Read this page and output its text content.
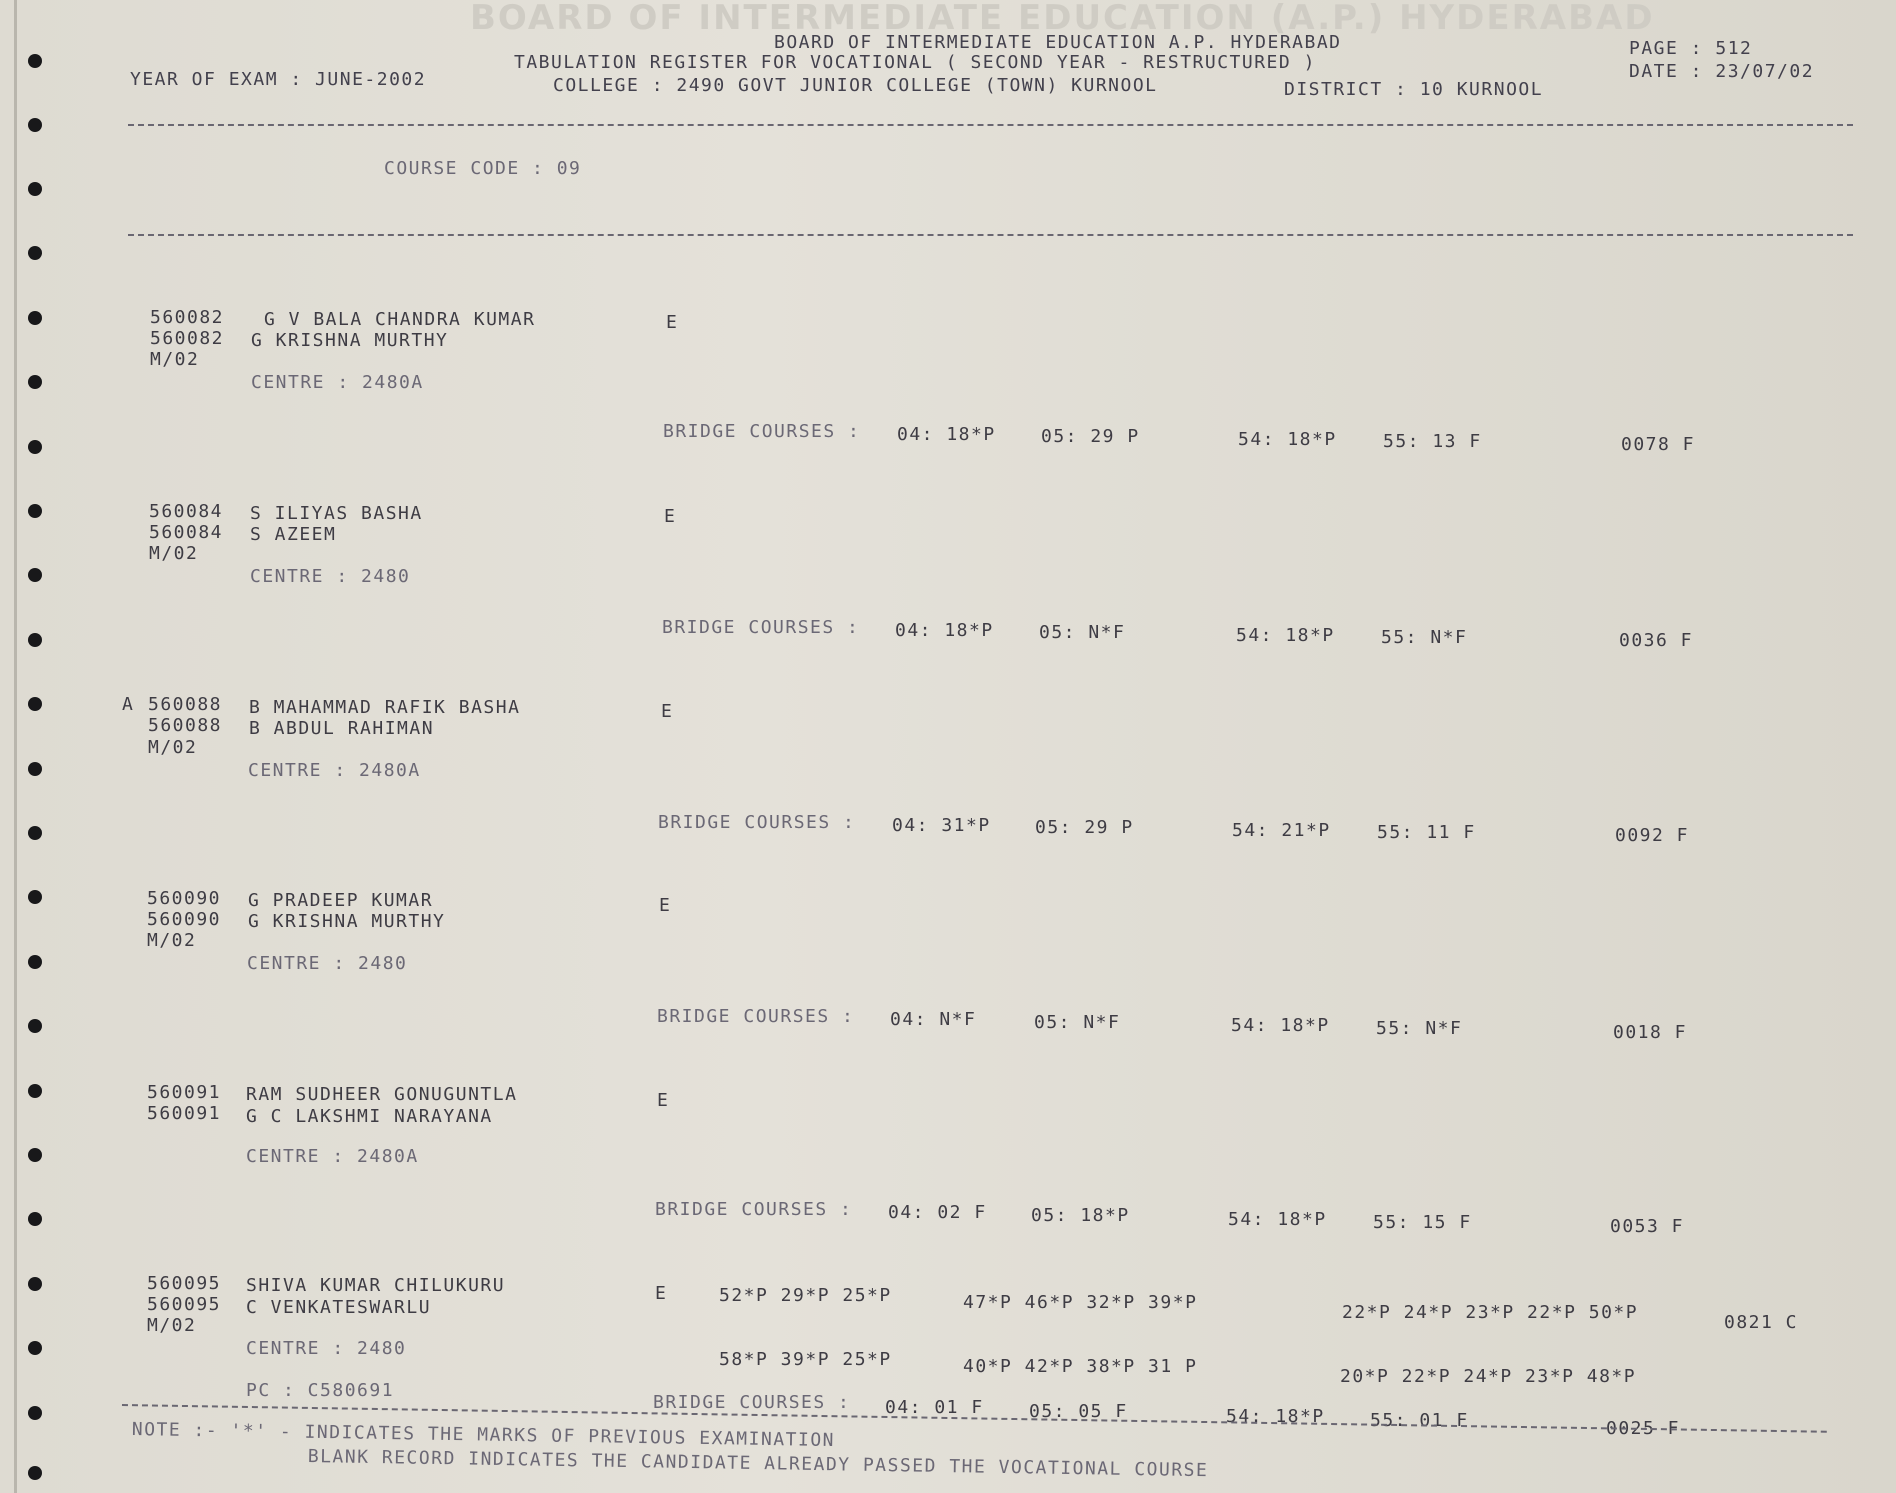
BOARD OF INTERMEDIATE EDUCATION (A.P.) HYDERABAD
BOARD OF INTERMEDIATE EDUCATION A.P. HYDERABAD
TABULATION REGISTER FOR VOCATIONAL ( SECOND YEAR - RESTRUCTURED )
COLLEGE : 2490 GOVT JUNIOR COLLEGE (TOWN) KURNOOL	DISTRICT : 10 KURNOOL
YEAR OF EXAM : JUNE-2002
PAGE : 512
DATE : 23/07/02
COURSE CODE : 09
560082 G V BALA CHANDRA KUMAR
560082 G KRISHNA MURTHY
M/02
CENTRE : 2480A
E
BRIDGE COURSES : 04: 18*P	05: 29 P	54: 18*P	55: 13 F	0078 F
560084 S ILIYAS BASHA
560084 S AZEEM
M/02
CENTRE : 2480
E
BRIDGE COURSES : 04: 18*P	05: N*F	54: 18*P	55: N*F	0036 F
A 560088 B MAHAMMAD RAFIK BASHA
560088 B ABDUL RAHIMAN
M/02
CENTRE : 2480A
E
BRIDGE COURSES : 04: 31*P 05: 29 P	54: 21*P	55: 11 F	0092 F
560090 G PRADEEP KUMAR
560090 G KRISHNA MURTHY
M/02
CENTRE : 2480
E
BRIDGE COURSES : 04: N*F	05: N*F	54: 18*P	55: N*F	0018 F
560091 RAM SUDHEER GONUGUNTLA
560091 G C LAKSHMI NARAYANA
CENTRE : 2480A
E
BRIDGE COURSES : 04: 02 F 05: 18*P	54: 18*P	55: 15 F	0053 F
560095 SHIVA KUMAR CHILUKURU
560095 C VENKATESWARLU
M/02
CENTRE : 2480
PC : C580691
E	52*P 29*P 25*P	47*P 46*P 32*P 39*P	22*P 24*P 23*P 22*P 50*P	0821 C
58*P 39*P 25*P	40*P 42*P 38*P 31 P	20*P 22*P 24*P 23*P 48*P
BRIDGE COURSES : 04: 01 F	05: 05 F	54: 18*P	55: 01 F	0025 F
NOTE :- '*' - INDICATES THE MARKS OF PREVIOUS EXAMINATION
BLANK RECORD INDICATES THE CANDIDATE ALREADY PASSED THE VOCATIONAL COURSE
